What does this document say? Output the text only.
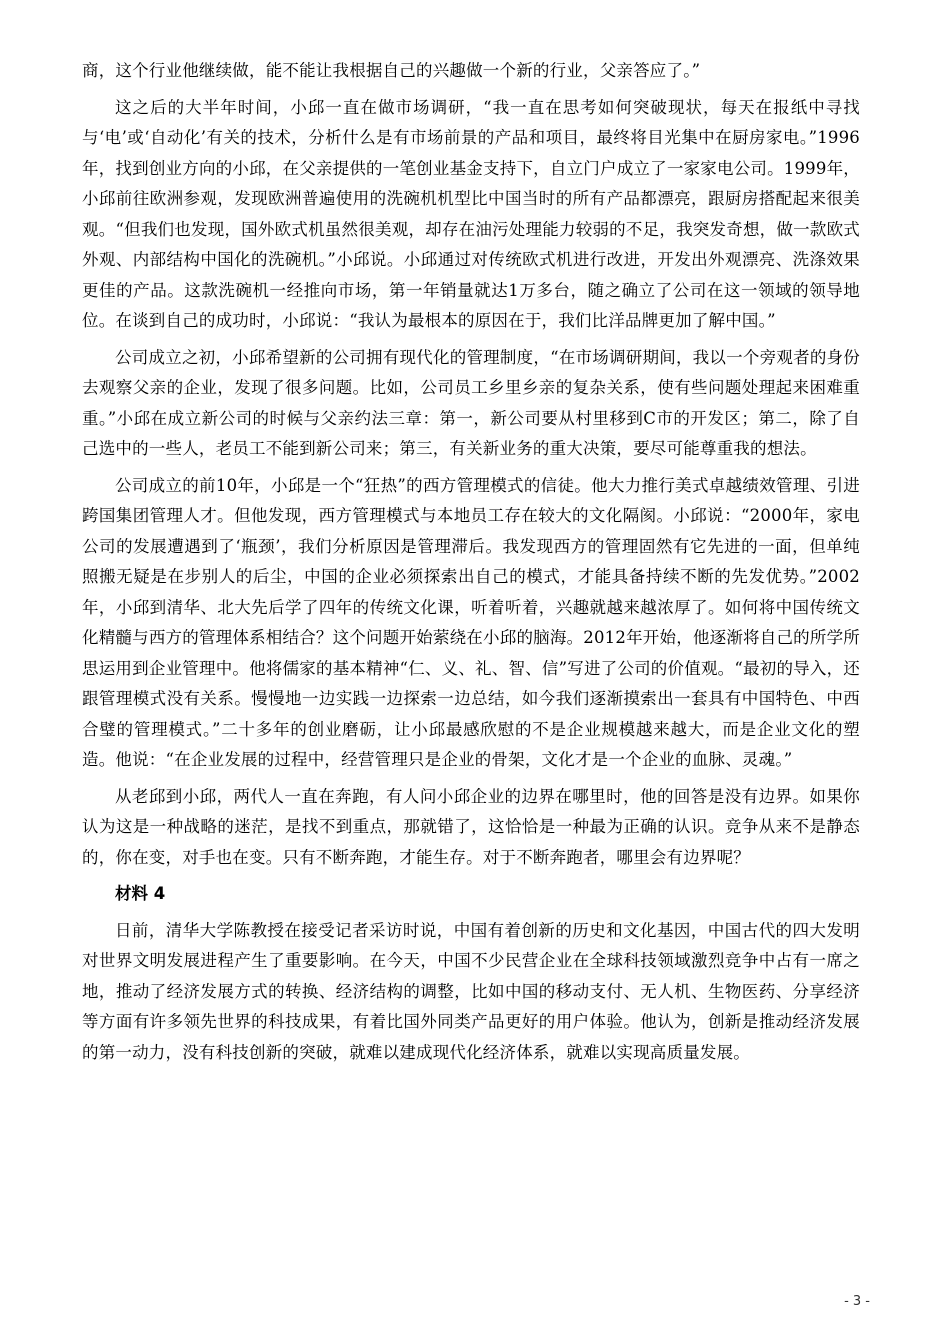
商，这个行业他继续做，能不能让我根据自己的兴趣做一个新的行业，父亲答应了。”

这之后的大半年时间，小邱一直在做市场调研，“我一直在思考如何突破现状，每天在报纸中寻找与‘电’或‘自动化’有关的技术，分析什么是有市场前景的产品和项目，最终将目光集中在厨房家电。”1996年，找到创业方向的小邱，在父亲提供的一笔创业基金支持下，自立门户成立了一家家电公司。1999年，小邱前往欧洲参观，发现欧洲普遍使用的洗碗机机型比中国当时的所有产品都漂亮，跟厨房搭配起来很美观。“但我们也发现，国外欧式机虽然很美观，却存在油污处理能力较弱的不足，我突发奇想，做一款欧式外观、内部结构中国化的洗碗机。”小邱说。小邱通过对传统欧式机进行改进，开发出外观漂亮、洗涤效果更佳的产品。这款洗碗机一经推向市场，第一年销量就达1万多台，随之确立了公司在这一领域的领导地位。在谈到自己的成功时，小邱说：“我认为最根本的原因在于，我们比洋品牌更加了解中国。”

公司成立之初，小邱希望新的公司拥有现代化的管理制度，“在市场调研期间，我以一个旁观者的身份去观察父亲的企业，发现了很多问题。比如，公司员工乡里乡亲的复杂关系，使有些问题处理起来困难重重。”小邱在成立新公司的时候与父亲约法三章：第一，新公司要从村里移到C市的开发区；第二，除了自己选中的一些人，老员工不能到新公司来；第三，有关新业务的重大决策，要尽可能尊重我的想法。

公司成立的前10年，小邱是一个“狂热”的西方管理模式的信徒。他大力推行美式卓越绩效管理、引进跨国集团管理人才。但他发现，西方管理模式与本地员工存在较大的文化隔阂。小邱说：“2000年，家电公司的发展遭遇到了‘瓶颈’，我们分析原因是管理滞后。我发现西方的管理固然有它先进的一面，但单纯照搬无疑是在步别人的后尘，中国的企业必须探索出自己的模式，才能具备持续不断的先发优势。”2002年，小邱到清华、北大先后学了四年的传统文化课，听着听着，兴趣就越来越浓厚了。如何将中国传统文化精髓与西方的管理体系相结合？这个问题开始萦绕在小邱的脑海。2012年开始，他逐渐将自己的所学所思运用到企业管理中。他将儒家的基本精神“仁、义、礼、智、信”写进了公司的价值观。“最初的导入，还跟管理模式没有关系。慢慢地一边实践一边探索一边总结，如今我们逐渐摸索出一套具有中国特色、中西合璧的管理模式。”二十多年的创业磨砺，让小邱最感欣慰的不是企业规模越来越大，而是企业文化的塑造。他说：“在企业发展的过程中，经营管理只是企业的骨架，文化才是一个企业的血脉、灵魂。”

从老邱到小邱，两代人一直在奔跑，有人问小邱企业的边界在哪里时，他的回答是没有边界。如果你认为这是一种战略的迷茫，是找不到重点，那就错了，这恰恰是一种最为正确的认识。竞争从来不是静态的，你在变，对手也在变。只有不断奔跑，才能生存。对于不断奔跑者，哪里会有边界呢？

材料 4

日前，清华大学陈教授在接受记者采访时说，中国有着创新的历史和文化基因，中国古代的四大发明对世界文明发展进程产生了重要影响。在今天，中国不少民营企业在全球科技领域激烈竞争中占有一席之地，推动了经济发展方式的转换、经济结构的调整，比如中国的移动支付、无人机、生物医药、分享经济等方面有许多领先世界的科技成果，有着比国外同类产品更好的用户体验。他认为，创新是推动经济发展的第一动力，没有科技创新的突破，就难以建成现代化经济体系，就难以实现高质量发展。

- 3 -
